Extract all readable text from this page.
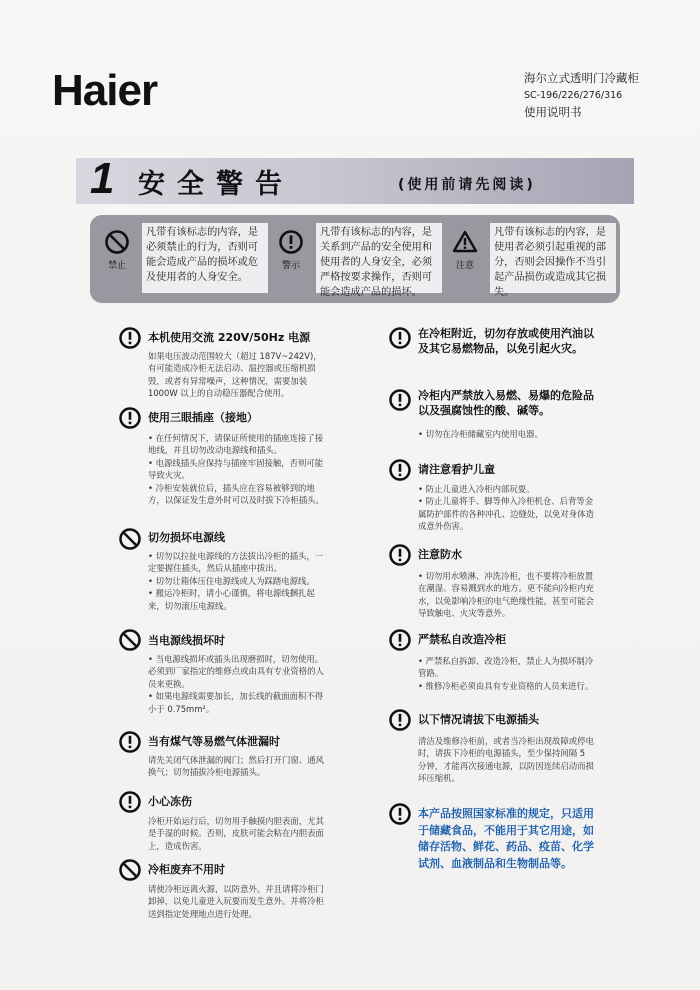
Haier	海尔立式透明门冷藏柜
SC-196/226/276/316
使用说明书
1 安全警告	(使用前请先阅读)
禁止
凡带有该标志的内容，是必须禁止的行为，否则可能会造成产品的损坏或危及使用者的人身安全。
警示
凡带有该标志的内容，是关系到产品的安全使用和使用者的人身安全，必须严格按要求操作，否则可能会造成产品的损坏。
注意
凡带有该标志的内容，是使用者必须引起重视的部分，否则会因操作不当引起产品损伤或造成其它损失。
本机使用交流 220V/50Hz 电源

如果电压波动范围较大（超过 187V~242V)，有可能造成冷柜无法启动、温控器或压缩机损毁，或者有异常噪声，这种情况，需要加装 1000W 以上的自动稳压器配合使用。

使用三眼插座（接地）

• 在任何情况下，请保证所使用的插座连接了接地线，并且切勿改动电源线和插头。
• 电源线插头应保持与插座牢固接触，否则可能导致火灾。
• 冷柜安装就位后，插头应在容易被够到的地方，以保证发生意外时可以及时拔下冷柜插头。

切勿损坏电源线

• 切勿以拉扯电源线的方法拔出冷柜的插头，一定要握住插头，然后从插座中拔出。
• 切勿让箱体压住电源线或人为踩踏电源线。
• 搬运冷柜时，请小心谨慎，将电源线捆扎起来，切勿滚压电源线。

当电源线损坏时

• 当电源线损坏或插头出现磨损时，切勿使用。必须到厂家指定的维修点或由具有专业资格的人员来更换。
• 如果电源线需要加长，加长线的截面面积不得小于 0.75mm²。

当有煤气等易燃气体泄漏时

请先关闭气体泄漏的阀门；然后打开门窗、通风换气；切勿插拔冷柜电源插头。

小心冻伤

冷柜开始运行后，切勿用手触摸内胆表面，尤其是手湿的时候。否则，皮肤可能会粘在内胆表面上，造成伤害。

冷柜废弃不用时

请使冷柜远离火源，以防意外。并且请将冷柜门卸掉，以免儿童进入玩耍而发生意外。并将冷柜送到指定处理地点进行处理。

在冷柜附近，切勿存放或使用汽油以及其它易燃物品，以免引起火灾。
冷柜内严禁放入易燃、易爆的危险品以及强腐蚀性的酸、碱等。

• 切勿在冷柜储藏室内使用电器。

请注意看护儿童

• 防止儿童进入冷柜内部玩耍。
• 防止儿童将手、脚等伸入冷柜机仓、后背等金属防护部件的各种冲孔、边缝处，以免对身体造成意外伤害。

注意防水

• 切勿用水喷淋、冲洗冷柜，也不要将冷柜放置在潮湿、容易溅到水的地方。更不能向冷柜内充水，以免影响冷柜的电气绝缘性能，甚至可能会导致触电、火灾等意外。

严禁私自改造冷柜

• 严禁私自拆卸、改造冷柜，禁止人为损坏制冷管路。
• 维修冷柜必须由具有专业资格的人员来进行。

以下情况请拔下电源插头

清洁及维修冷柜前，或者当冷柜出现故障或停电时，请拔下冷柜的电源插头，至少保持间隔 5 分钟，才能再次接通电源，以防因连续启动而损坏压缩机。

本产品按照国家标准的规定，只适用于储藏食品，不能用于其它用途，如储存活物、鲜花、药品、疫苗、化学试剂、血液制品和生物制品等。
